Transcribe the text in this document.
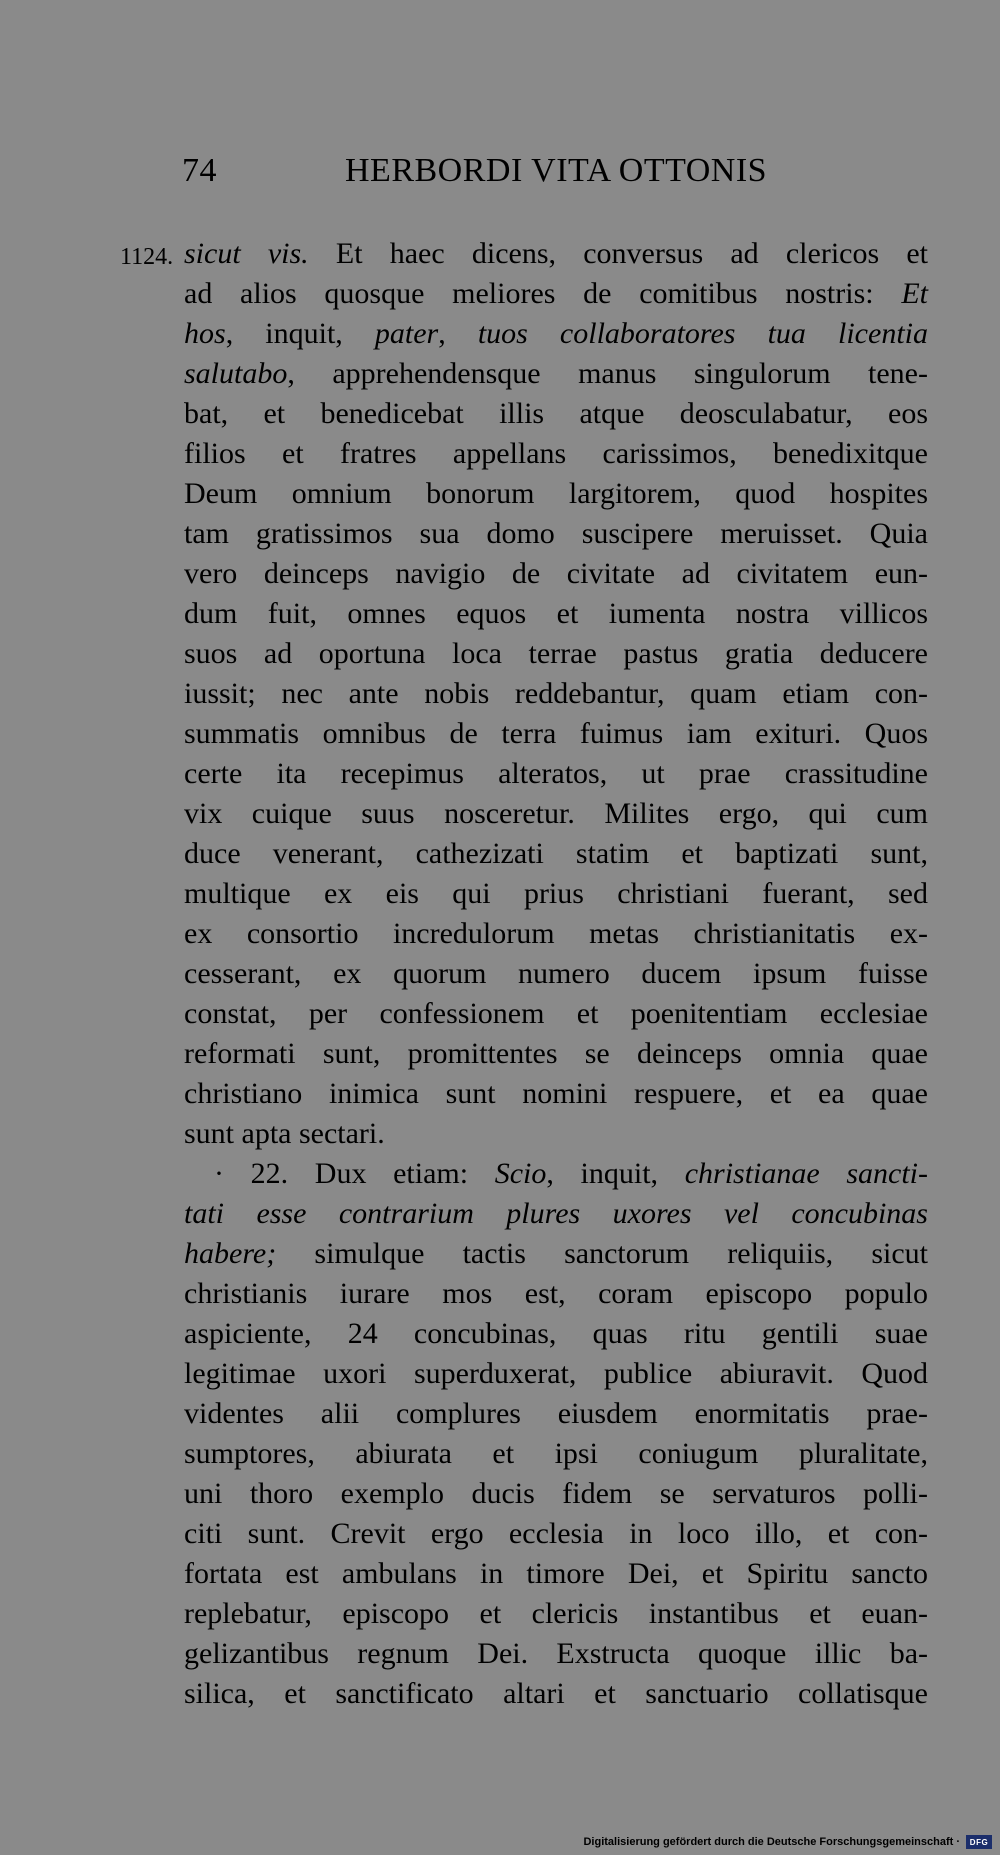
74	HERBORDI VITA OTTONIS
1124. sicut vis. Et haec dicens, conversus ad clericos et
ad alios quosque meliores de comitibus nostris: Et
hos, inquit, pater, tuos collaboratores tua licentia
salutabo, apprehendensque manus singulorum tene-
bat, et benedicebat illis atque deosculabatur, eos
filios et fratres appellans carissimos, benedixitque
Deum omnium bonorum largitorem, quod hospites
tam gratissimos sua domo suscipere meruisset. Quia
vero deinceps navigio de civitate ad civitatem eun-
dum fuit, omnes equos et iumenta nostra villicos
suos ad oportuna loca terrae pastus gratia deducere
iussit; nec ante nobis reddebantur, quam etiam con-
summatis omnibus de terra fuimus iam exituri. Quos
certe ita recepimus alteratos, ut prae crassitudine
vix cuique suus nosceretur. Milites ergo, qui cum
duce venerant, cathezizati statim et baptizati sunt,
multique ex eis qui prius christiani fuerant, sed
ex consortio incredulorum metas christianitatis ex-
cesserant, ex quorum numero ducem ipsum fuisse
constat, per confessionem et poenitentiam ecclesiae
reformati sunt, promittentes se deinceps omnia quae
christiano inimica sunt nomini respuere, et ea quae
sunt apta sectari.
· 22. Dux etiam: Scio, inquit, christianae sancti-
tati esse contrarium plures uxores vel concubinas
habere; simulque tactis sanctorum reliquiis, sicut
christianis iurare mos est, coram episcopo populo
aspiciente, 24 concubinas, quas ritu gentili suae
legitimae uxori superduxerat, publice abiuravit. Quod
videntes alii complures eiusdem enormitatis prae-
sumptores, abiurata et ipsi coniugum pluralitate,
uni thoro exemplo ducis fidem se servaturos polli-
citi sunt. Crevit ergo ecclesia in loco illo, et con-
fortata est ambulans in timore Dei, et Spiritu sancto
replebatur, episcopo et clericis instantibus et euan-
gelizantibus regnum Dei. Exstructa quoque illic ba-
silica, et sanctificato altari et sanctuario collatisque
Digitalisierung gefördert durch die Deutsche Forschungsgemeinschaft ·	DFG
